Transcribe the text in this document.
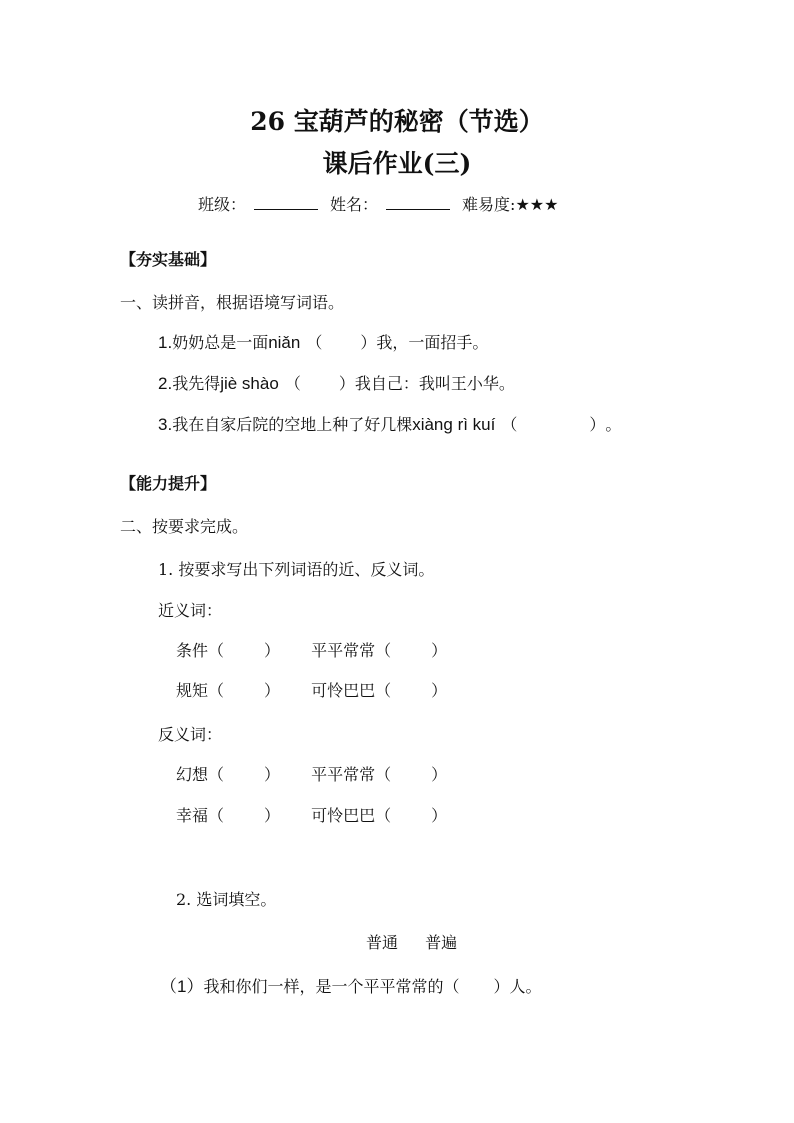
26 宝葫芦的秘密（节选）
课后作业(三)
班级：	姓名：	难易度: ★★★
【夯实基础】
一、读拼音，根据语境写词语。
1. 奶奶总是一面 niǎn （ ） 我，一面招手。
2. 我先得 jiè shào （ ） 我自己：我叫王小华。
3. 我在自家后院的空地上种了好几棵 xiàng rì kuí （	） 。
【能力提升】
二、按要求完成。
1. 按要求写出下列词语的近、反义词。
近义词：
条件（	） 平平常常（	）
规矩（	） 可怜巴巴（	）
反义词：
幻想（	） 平平常常（	）
幸福（	） 可怜巴巴（	）
2. 选词填空。
普通 普遍
（1）我和你们一样，是一个平平常常的（ ）人。
